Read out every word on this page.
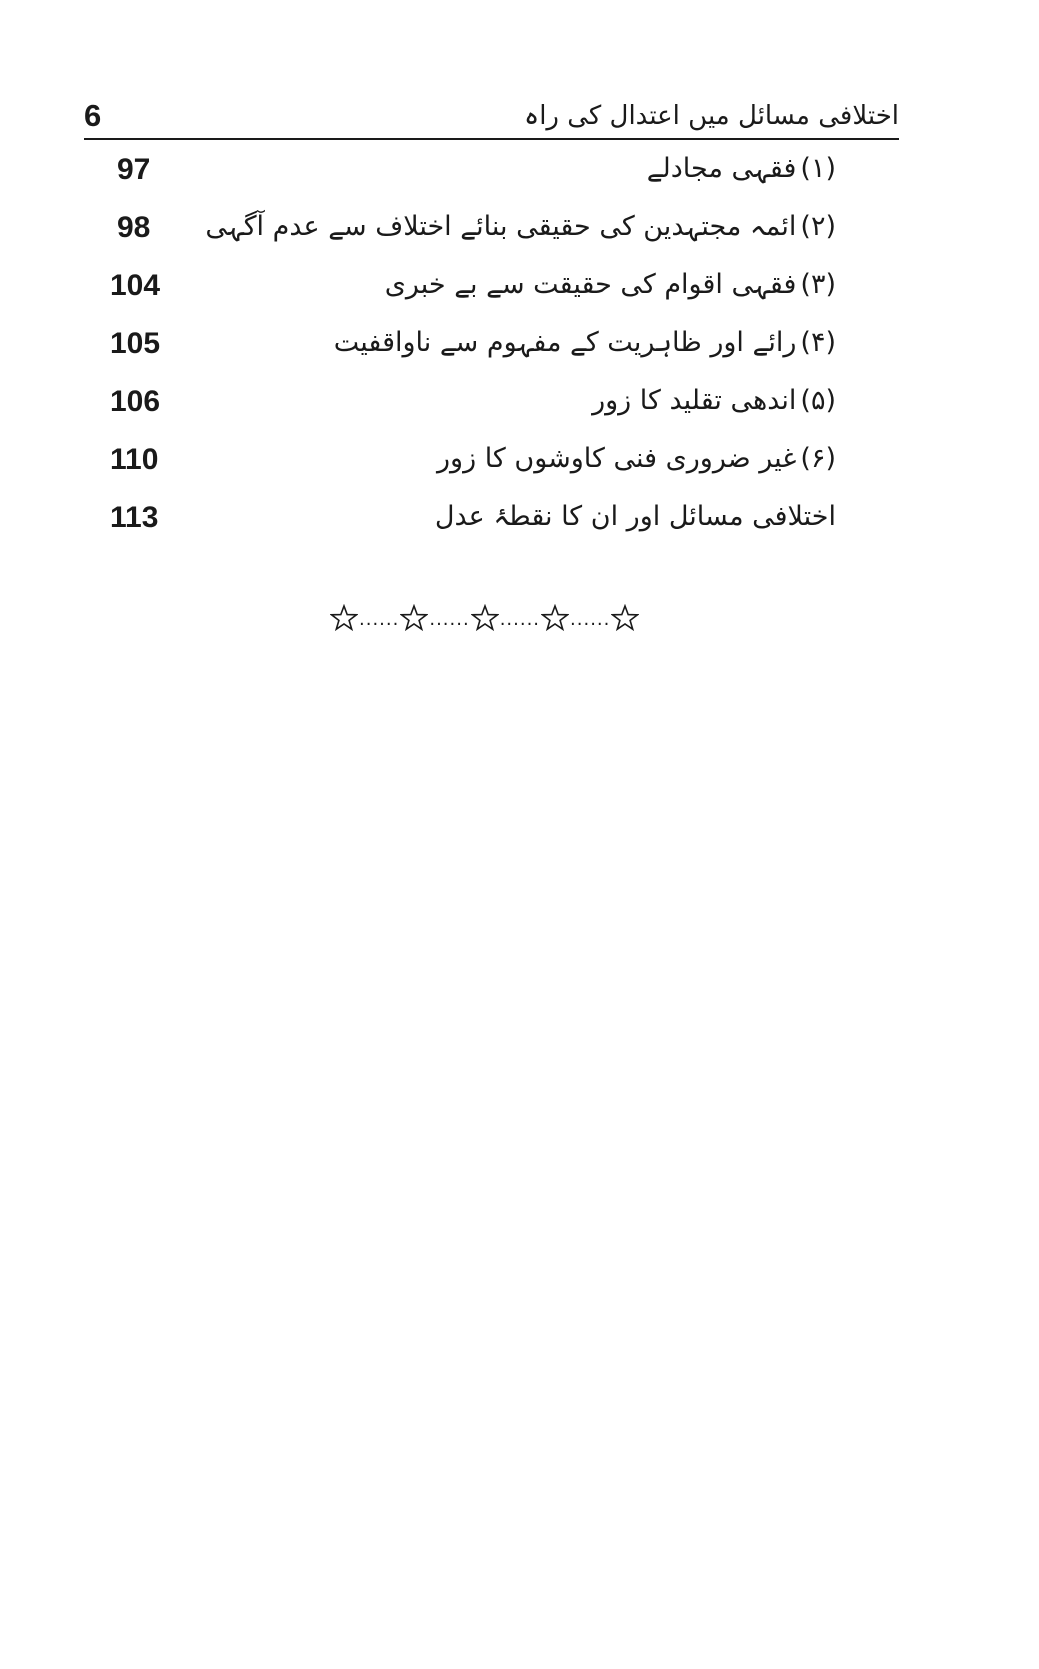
6	اختلافی مسائل میں اعتدال کی راہ
97	(۱)فقہی مجادلے
98	(۲)ائمہ مجتہدین کی حقیقی بنائے اختلاف سے عدم آگہی
104	(۳)فقہی اقوام کی حقیقت سے بے خبری
105	(۴)رائے اور ظاہریت کے مفہوم سے ناواقفیت
106	(۵)اندھی تقلید کا زور
110	(۶)غیر ضروری فنی کاوشوں کا زور
113	اختلافی مسائل اور ان کا نقطۂ عدل
...... ...... ...... ......
